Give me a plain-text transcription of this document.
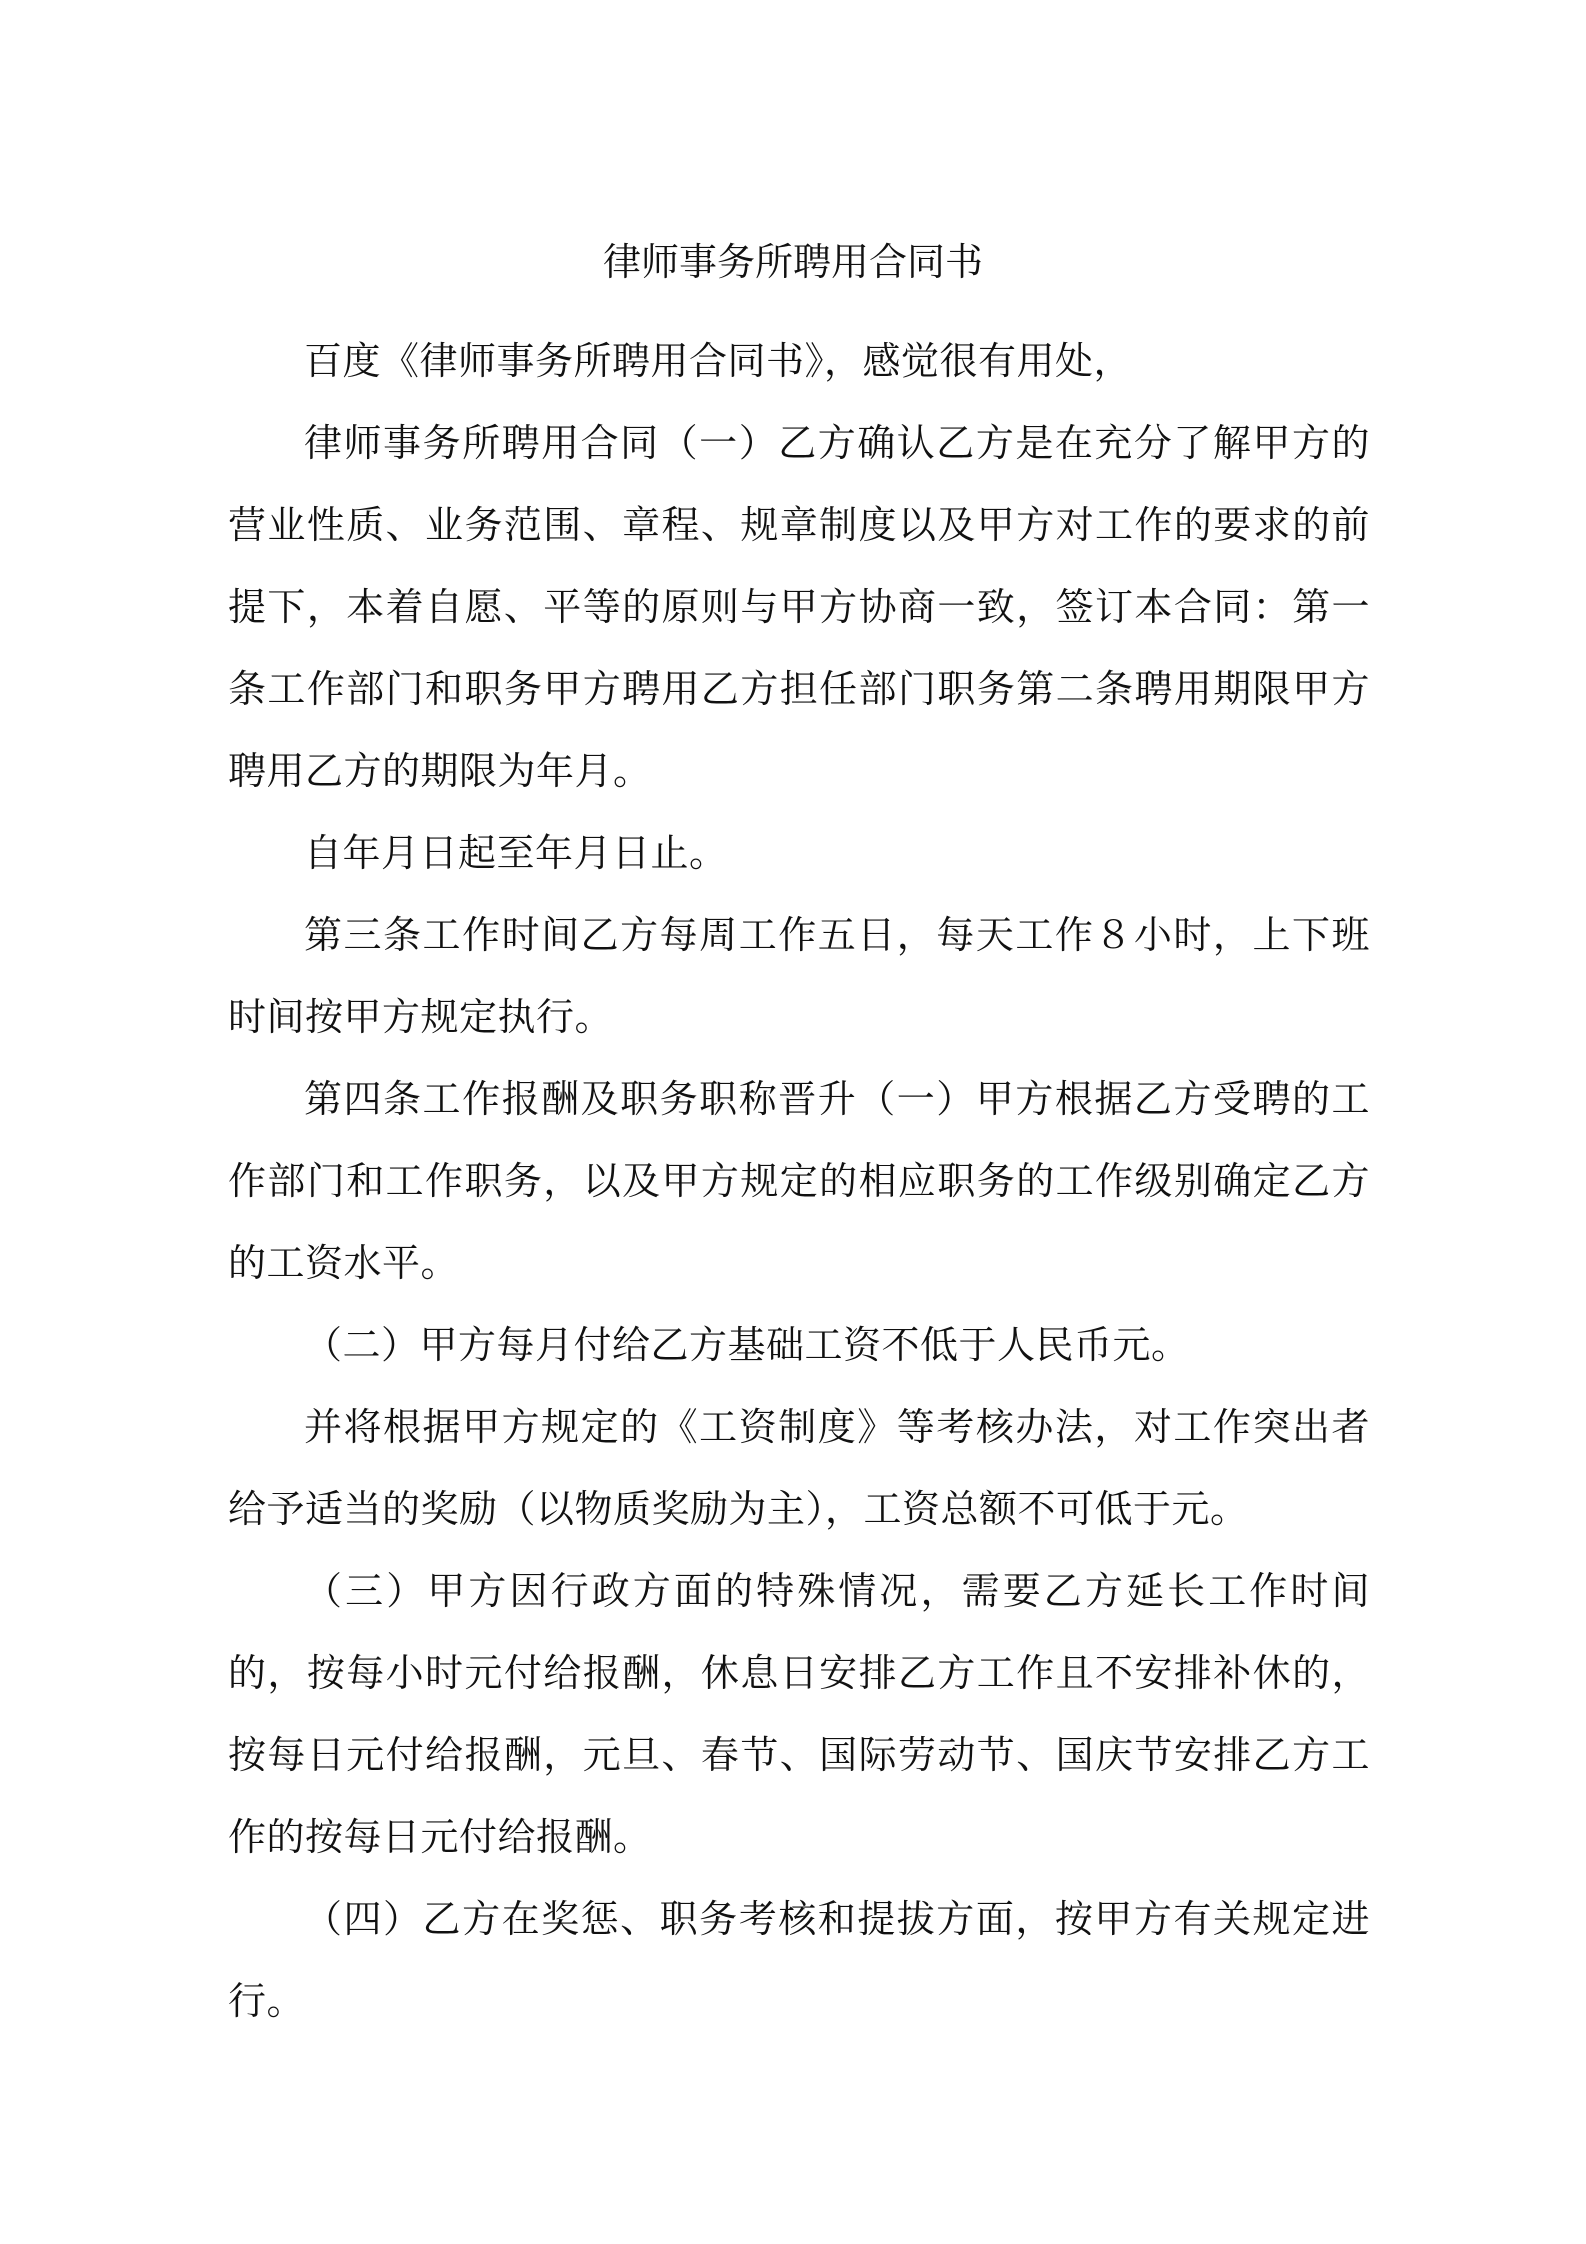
律师事务所聘用合同书

百度《律师事务所聘用合同书》，感觉很有用处，

律师事务所聘用合同（一）乙方确认乙方是在充分了解甲方的营业性质、业务范围、章程、规章制度以及甲方对工作的要求的前提下，本着自愿、平等的原则与甲方协商一致，签订本合同：第一条工作部门和职务甲方聘用乙方担任部门职务第二条聘用期限甲方聘用乙方的期限为年月。

自年月日起至年月日止。

第三条工作时间乙方每周工作五日，每天工作８小时，上下班时间按甲方规定执行。

第四条工作报酬及职务职称晋升（一）甲方根据乙方受聘的工作部门和工作职务，以及甲方规定的相应职务的工作级别确定乙方的工资水平。

（二）甲方每月付给乙方基础工资不低于人民币元。

并将根据甲方规定的《工资制度》等考核办法，对工作突出者给予适当的奖励（以物质奖励为主），工资总额不可低于元。

（三）甲方因行政方面的特殊情况，需要乙方延长工作时间的，按每小时元付给报酬，休息日安排乙方工作且不安排补休的，按每日元付给报酬，元旦、春节、国际劳动节、国庆节安排乙方工作的按每日元付给报酬。

（四）乙方在奖惩、职务考核和提拔方面，按甲方有关规定进行。
